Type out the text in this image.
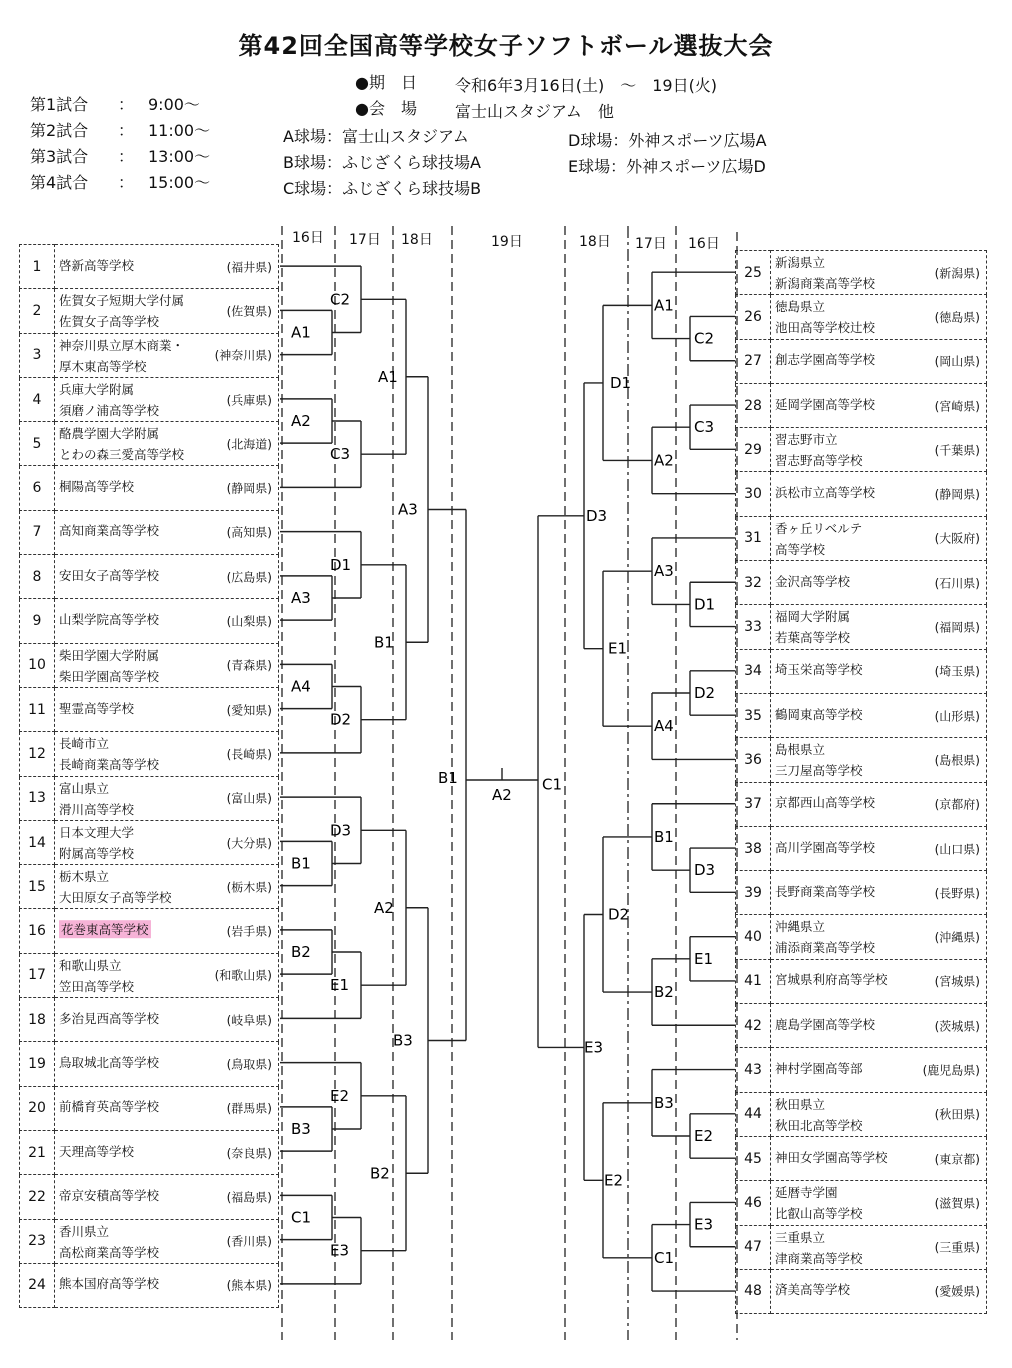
第42回全国高等学校女子ソフトボール選抜大会
●期　日 令和6年3月16日(土)　～　19日(火)
●会　場 富士山スタジアム　他
第1試合 ： 9:00～
第2試合 ： 11:00～
第3試合 ： 13:00～
第4試合 ： 15:00～
A球場：富士山スタジアム
B球場：ふじざくら球技場A
C球場：ふじざくら球技場B
D球場：外神スポーツ広場A
E球場：外神スポーツ広場D
16日 17日 18日	19日	18日 17日 16日
1	啓新高等学校 (福井県)

2	佐賀女子短期大学付属
佐賀女子高等学校
(佐賀県)

3	神奈川県立厚木商業・
厚木東高等学校
(神奈川県)

4	兵庫大学附属
須磨ノ浦高等学校
(兵庫県)

5	酪農学園大学附属
とわの森三愛高等学校
(北海道)

6	桐陽高等学校 (静岡県)

7	高知商業高等学校 (高知県)

8	安田女子高等学校 (広島県)

9	山梨学院高等学校 (山梨県)

10	柴田学園大学附属
柴田学園高等学校
(青森県)

11	聖霊高等学校 (愛知県)

12	長崎市立
長崎商業高等学校
(長崎県)

13	富山県立
滑川高等学校
(富山県)

14	日本文理大学
附属高等学校
(大分県)

15	栃木県立
大田原女子高等学校
(栃木県)

16	花巻東高等学校 (岩手県)

17	和歌山県立
笠田高等学校
(和歌山県)

18	多治見西高等学校 (岐阜県)

19	鳥取城北高等学校 (鳥取県)

20	前橋育英高等学校 (群馬県)

21	天理高等学校 (奈良県)

22	帝京安積高等学校 (福島県)

23	香川県立
高松商業高等学校
(香川県)

24	熊本国府高等学校 (熊本県)
25	新潟県立
新潟商業高等学校
(新潟県)

26	徳島県立
池田高等学校辻校
(徳島県)

27	創志学園高等学校 (岡山県)

28	延岡学園高等学校 (宮崎県)

29	習志野市立
習志野高等学校
(千葉県)

30	浜松市立高等学校 (静岡県)

31	香ヶ丘リベルテ
高等学校
(大阪府)

32	金沢高等学校 (石川県)

33	福岡大学附属
若葉高等学校
(福岡県)

34	埼玉栄高等学校 (埼玉県)

35	鶴岡東高等学校 (山形県)

36	島根県立
三刀屋高等学校
(島根県)

37	京都西山高等学校 (京都府)

38	高川学園高等学校 (山口県)

39	長野商業高等学校 (長野県)

40	沖縄県立
浦添商業高等学校
(沖縄県)

41	宮城県利府高等学校 (宮城県)

42	鹿島学園高等学校 (茨城県)

43	神村学園高等部 (鹿児島県)

44	秋田県立
秋田北高等学校
(秋田県)

45	神田女学園高等学校 (東京都)

46	延暦寺学園
比叡山高等学校
(滋賀県)

47	三重県立
津商業高等学校
(三重県)

48	済美高等学校 (愛媛県)
A1
A2
A3
A4
B1
B2
B3
C1
C2
C3
D1
D2
D3
E1
E2
E3
A1
B1
A2
B2
A3
B3
B1
C2
C3
D1
D2
D3
E1
E2
E3
A1
A2
A3
A4
B1
B2
B3
C1
D1
E1
D2
E2
D3
E3
C1
A2
